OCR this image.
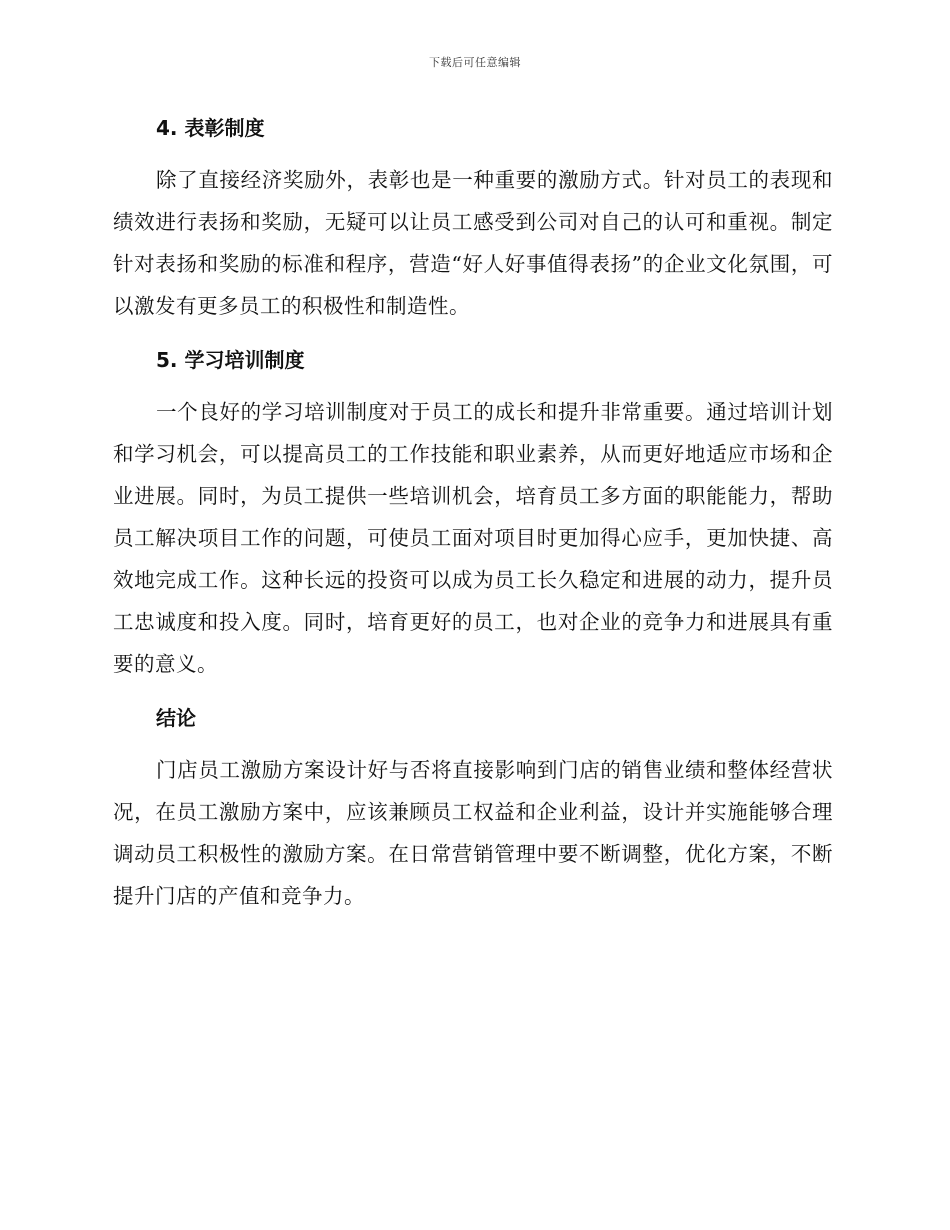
下载后可任意编辑
4. 表彰制度

除了直接经济奖励外，表彰也是一种重要的激励方式。针对员工的表现和绩效进行表扬和奖励，无疑可以让员工感受到公司对自己的认可和重视。制定针对表扬和奖励的标准和程序，营造“好人好事值得表扬”的企业文化氛围，可以激发有更多员工的积极性和制造性。

5. 学习培训制度

一个良好的学习培训制度对于员工的成长和提升非常重要。通过培训计划和学习机会，可以提高员工的工作技能和职业素养，从而更好地适应市场和企业进展。同时，为员工提供一些培训机会，培育员工多方面的职能能力，帮助员工解决项目工作的问题，可使员工面对项目时更加得心应手，更加快捷、高效地完成工作。这种长远的投资可以成为员工长久稳定和进展的动力，提升员工忠诚度和投入度。同时，培育更好的员工，也对企业的竞争力和进展具有重要的意义。

结论

门店员工激励方案设计好与否将直接影响到门店的销售业绩和整体经营状况，在员工激励方案中，应该兼顾员工权益和企业利益，设计并实施能够合理调动员工积极性的激励方案。在日常营销管理中要不断调整，优化方案，不断提升门店的产值和竞争力。
